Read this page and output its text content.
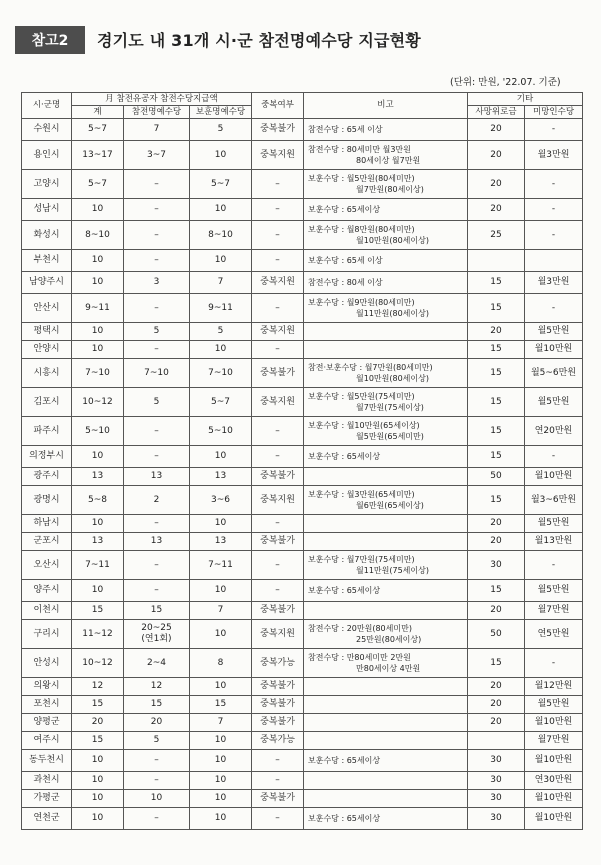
참고2	경기도 내 31개 시·군 참전명예수당 지급현황
(단위: 만원, '22.07. 기준)
시·군명	月 참전유공자 참전수당지급액			중복여부	비고	기타	
	계	참전명예수당	보훈명예수당			사망위로금	미망인수당
수원시	5~7	7	5	중복불가	참전수당 : 65세 이상	20	-
용인시	13~17	3~7	10	중복지원	참전수당 : 80세미만 월3만원
80세이상 월7만원	20	월3만원
고양시	5~7	–	5~7	–	보훈수당 : 월5만원(80세미만)
월7만원(80세이상)	20	-
성남시	10	–	10	–	보훈수당 : 65세이상	20	-
화성시	8~10	–	8~10	–	보훈수당 : 월8만원(80세미만)
월10만원(80세이상)	25	-
부천시	10	–	10	–	보훈수당 : 65세 이상		
남양주시	10	3	7	중복지원	참전수당 : 80세 이상	15	월3만원
안산시	9~11	–	9~11	–	보훈수당 : 월9만원(80세미만)
월11만원(80세이상)	15	-
평택시	10	5	5	중복지원		20	월5만원
안양시	10	–	10	–		15	월10만원
시흥시	7~10	7~10	7~10	중복불가	참전·보훈수당 : 월7만원(80세미만)
월10만원(80세이상)	15	월5~6만원
김포시	10~12	5	5~7	중복지원	보훈수당 : 월5만원(75세미만)
월7만원(75세이상)	15	월5만원
파주시	5~10	–	5~10	–	보훈수당 : 월10만원(65세이상)
월5만원(65세미만)	15	연20만원
의정부시	10	–	10	–	보훈수당 : 65세이상	15	-
광주시	13	13	13	중복불가		50	월10만원
광명시	5~8	2	3~6	중복지원	보훈수당 : 월3만원(65세미만)
월6만원(65세이상)	15	월3~6만원
하남시	10	–	10	–		20	월5만원
군포시	13	13	13	중복불가		20	월13만원
오산시	7~11	–	7~11	–	보훈수당 : 월7만원(75세미만)
월11만원(75세이상)	30	-
양주시	10	–	10	–	보훈수당 : 65세이상	15	월5만원
이천시	15	15	7	중복불가		20	월7만원
구리시	11~12	20~25
(연1회)	10	중복지원	참전수당 : 20만원(80세미만)
25만원(80세이상)	50	연5만원
안성시	10~12	2~4	8	중복가능	참전수당 : 만80세미만 2만원
만80세이상 4만원	15	-
의왕시	12	12	10	중복불가		20	월12만원
포천시	15	15	15	중복불가		20	월5만원
양평군	20	20	7	중복불가		20	월10만원
여주시	15	5	10	중복가능			월7만원
동두천시	10	–	10	–	보훈수당 : 65세이상	30	월10만원
과천시	10	–	10	–		30	연30만원
가평군	10	10	10	중복불가		30	월10만원
연천군	10	–	10	–	보훈수당 : 65세이상	30	월10만원
